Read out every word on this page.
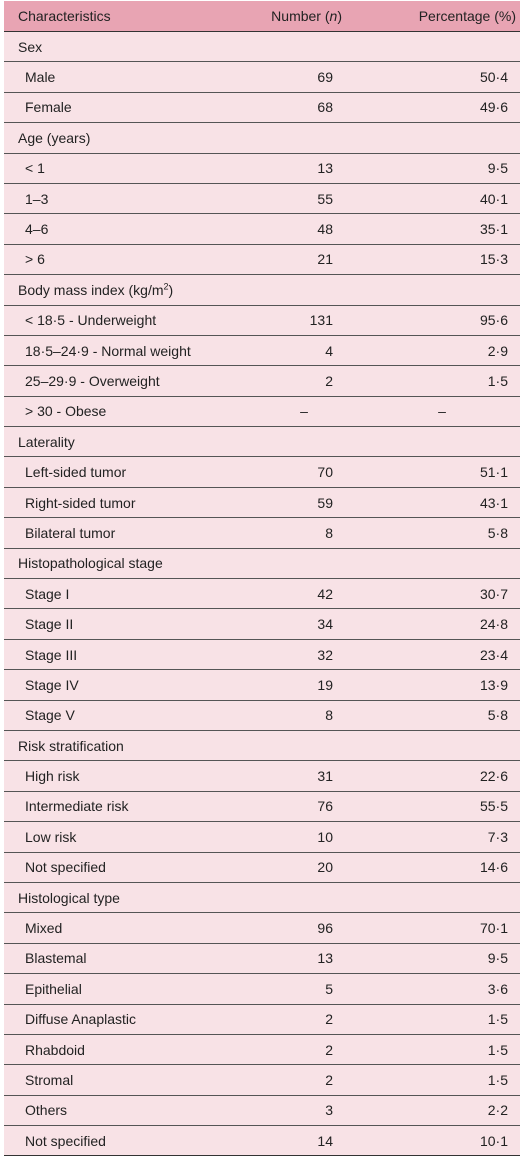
Characteristics	Number (n)	Percentage (%)
Sex		
Male	69	50·4
Female	68	49·6
Age (years)		
< 1	13	9·5
1–3	55	40·1
4–6	48	35·1
> 6	21	15·3
Body mass index $(kg/m^2)$		
< 18·5 - Underweight	131	95·6
18·5–24·9 - Normal weight	4	2·9
25–29·9 - Overweight	2	1·5
> 30 - Obese	–	–
Laterality		
Left-sided tumor	70	51·1
Right-sided tumor	59	43·1
Bilateral tumor	8	5·8
Histopathological stage		
Stage I	42	30·7
Stage II	34	24·8
Stage III	32	23·4
Stage IV	19	13·9
Stage V	8	5·8
Risk stratification		
High risk	31	22·6
Intermediate risk	76	55·5
Low risk	10	7·3
Not specified	20	14·6
Histological type		
Mixed	96	70·1
Blastemal	13	9·5
Epithelial	5	3·6
Diffuse Anaplastic	2	1·5
Rhabdoid	2	1·5
Stromal	2	1·5
Others	3	2·2
Not specified	14	10·1
